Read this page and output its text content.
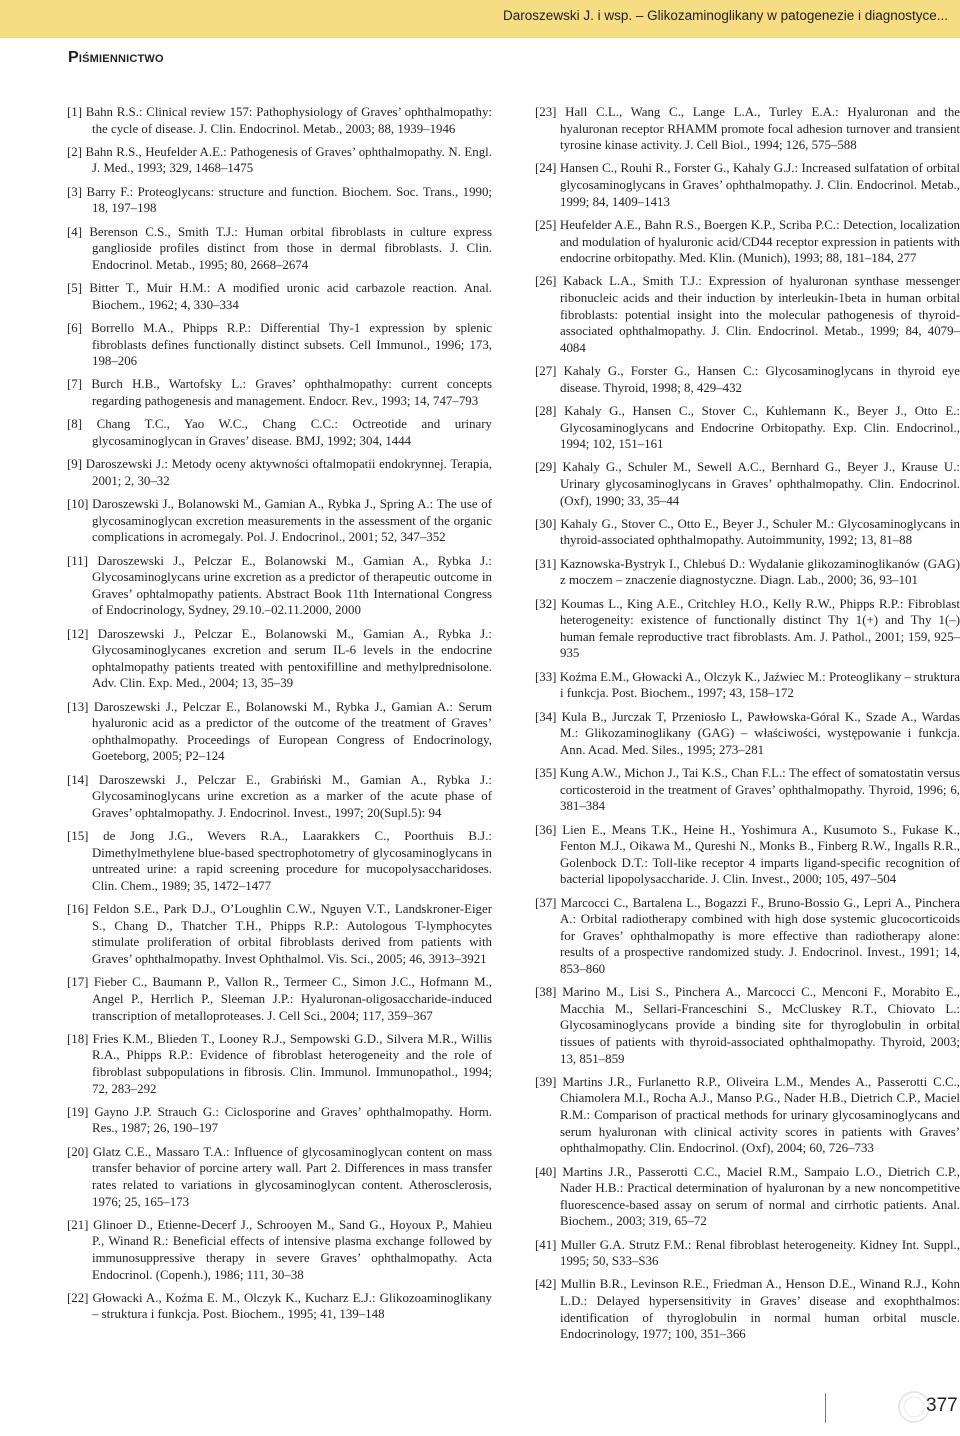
Daroszewski J. i wsp. – Glikozaminoglikany w patogenezie i diagnostyce...
Piśmiennictwo

[1] Bahn R.S.: Clinical review 157: Pathophysiology of Graves’ ophthalmopathy: the cycle of disease. J. Clin. Endocrinol. Metab., 2003; 88, 1939–1946

[2] Bahn R.S., Heufelder A.E.: Pathogenesis of Graves’ ophthalmopathy. N. Engl. J. Med., 1993; 329, 1468–1475

[3] Barry F.: Proteoglycans: structure and function. Biochem. Soc. Trans., 1990; 18, 197–198

[4] Berenson C.S., Smith T.J.: Human orbital fibroblasts in culture express ganglioside profiles distinct from those in dermal fibroblasts. J. Clin. Endocrinol. Metab., 1995; 80, 2668–2674

[5] Bitter T., Muir H.M.: A modified uronic acid carbazole reaction. Anal. Biochem., 1962; 4, 330–334

[6] Borrello M.A., Phipps R.P.: Differential Thy-1 expression by splenic fibroblasts defines functionally distinct subsets. Cell Immunol., 1996; 173, 198–206

[7] Burch H.B., Wartofsky L.: Graves’ ophthalmopathy: current concepts regarding pathogenesis and management. Endocr. Rev., 1993; 14, 747–793

[8] Chang T.C., Yao W.C., Chang C.C.: Octreotide and urinary glycosaminoglycan in Graves’ disease. BMJ, 1992; 304, 1444

[9] Daroszewski J.: Metody oceny aktywności oftalmopatii endokrynnej. Terapia, 2001; 2, 30–32

[10] Daroszewski J., Bolanowski M., Gamian A., Rybka J., Spring A.: The use of glycosaminoglycan excretion measurements in the assessment of the organic complications in acromegaly. Pol. J. Endocrinol., 2001; 52, 347–352

[11] Daroszewski J., Pelczar E., Bolanowski M., Gamian A., Rybka J.: Glycosaminoglycans urine excretion as a predictor of therapeutic outcome in Graves’ ophtalmopathy patients. Abstract Book 11th International Congress of Endocrinology, Sydney, 29.10.–02.11.2000, 2000

[12] Daroszewski J., Pelczar E., Bolanowski M., Gamian A., Rybka J.: Glycosaminoglycanes excretion and serum IL-6 levels in the endocrine ophtalmopathy patients treated with pentoxifilline and methylprednisolone. Adv. Clin. Exp. Med., 2004; 13, 35–39

[13] Daroszewski J., Pelczar E., Bolanowski M., Rybka J., Gamian A.: Serum hyaluronic acid as a predictor of the outcome of the treatment of Graves’ ophthalmopathy. Proceedings of European Congress of Endocrinology, Goeteborg, 2005; P2–124

[14] Daroszewski J., Pelczar E., Grabiński M., Gamian A., Rybka J.: Glycosaminoglycans urine excretion as a marker of the acute phase of Graves’ ophtalmopathy. J. Endocrinol. Invest., 1997; 20(Supl.5): 94

[15] de Jong J.G., Wevers R.A., Laarakkers C., Poorthuis B.J.: Dimethylmethylene blue-based spectrophotometry of glycosaminoglycans in untreated urine: a rapid screening procedure for mucopolysaccharidoses. Clin. Chem., 1989; 35, 1472–1477

[16] Feldon S.E., Park D.J., O’Loughlin C.W., Nguyen V.T., Landskroner-Eiger S., Chang D., Thatcher T.H., Phipps R.P.: Autologous T-lymphocytes stimulate proliferation of orbital fibroblasts derived from patients with Graves’ ophthalmopathy. Invest Ophthalmol. Vis. Sci., 2005; 46, 3913–3921

[17] Fieber C., Baumann P., Vallon R., Termeer C., Simon J.C., Hofmann M., Angel P., Herrlich P., Sleeman J.P.: Hyaluronan-oligosaccharide-induced transcription of metalloproteases. J. Cell Sci., 2004; 117, 359–367

[18] Fries K.M., Blieden T., Looney R.J., Sempowski G.D., Silvera M.R., Willis R.A., Phipps R.P.: Evidence of fibroblast heterogeneity and the role of fibroblast subpopulations in fibrosis. Clin. Immunol. Immunopathol., 1994; 72, 283–292

[19] Gayno J.P. Strauch G.: Ciclosporine and Graves’ ophthalmopathy. Horm. Res., 1987; 26, 190–197

[20] Glatz C.E., Massaro T.A.: Influence of glycosaminoglycan content on mass transfer behavior of porcine artery wall. Part 2. Differences in mass transfer rates related to variations in glycosaminoglycan content. Atherosclerosis, 1976; 25, 165–173

[21] Glinoer D., Etienne-Decerf J., Schrooyen M., Sand G., Hoyoux P., Mahieu P., Winand R.: Beneficial effects of intensive plasma exchange followed by immunosuppressive therapy in severe Graves’ ophthalmopathy. Acta Endocrinol. (Copenh.), 1986; 111, 30–38

[22] Głowacki A., Koźma E. M., Olczyk K., Kucharz E.J.: Glikozoaminoglikany – struktura i funkcja. Post. Biochem., 1995; 41, 139–148

[23] Hall C.L., Wang C., Lange L.A., Turley E.A.: Hyaluronan and the hyaluronan receptor RHAMM promote focal adhesion turnover and transient tyrosine kinase activity. J. Cell Biol., 1994; 126, 575–588

[24] Hansen C., Rouhi R., Forster G., Kahaly G.J.: Increased sulfatation of orbital glycosaminoglycans in Graves’ ophthalmopathy. J. Clin. Endocrinol. Metab., 1999; 84, 1409–1413

[25] Heufelder A.E., Bahn R.S., Boergen K.P., Scriba P.C.: Detection, localization and modulation of hyaluronic acid/CD44 receptor expression in patients with endocrine orbitopathy. Med. Klin. (Munich), 1993; 88, 181–184, 277

[26] Kaback L.A., Smith T.J.: Expression of hyaluronan synthase messenger ribonucleic acids and their induction by interleukin-1beta in human orbital fibroblasts: potential insight into the molecular pathogenesis of thyroid-associated ophthalmopathy. J. Clin. Endocrinol. Metab., 1999; 84, 4079–4084

[27] Kahaly G., Forster G., Hansen C.: Glycosaminoglycans in thyroid eye disease. Thyroid, 1998; 8, 429–432

[28] Kahaly G., Hansen C., Stover C., Kuhlemann K., Beyer J., Otto E.: Glycosaminoglycans and Endocrine Orbitopathy. Exp. Clin. Endocrinol., 1994; 102, 151–161

[29] Kahaly G., Schuler M., Sewell A.C., Bernhard G., Beyer J., Krause U.: Urinary glycosaminoglycans in Graves’ ophthalmopathy. Clin. Endocrinol. (Oxf), 1990; 33, 35–44

[30] Kahaly G., Stover C., Otto E., Beyer J., Schuler M.: Glycosaminoglycans in thyroid-associated ophthalmopathy. Autoimmunity, 1992; 13, 81–88

[31] Kaznowska-Bystryk I., Chlebuś D.: Wydalanie glikozaminoglikanów (GAG) z moczem – znaczenie diagnostyczne. Diagn. Lab., 2000; 36, 93–101

[32] Koumas L., King A.E., Critchley H.O., Kelly R.W., Phipps R.P.: Fibroblast heterogeneity: existence of functionally distinct Thy 1(+) and Thy 1(–) human female reproductive tract fibroblasts. Am. J. Pathol., 2001; 159, 925–935

[33] Koźma E.M., Głowacki A., Olczyk K., Jaźwiec M.: Proteoglikany – struktura i funkcja. Post. Biochem., 1997; 43, 158–172

[34] Kula B., Jurczak T, Przeniosło L, Pawłowska-Góral K., Szade A., Wardas M.: Glikozaminoglikany (GAG) – właściwości, występowanie i funkcja. Ann. Acad. Med. Siles., 1995; 273–281

[35] Kung A.W., Michon J., Tai K.S., Chan F.L.: The effect of somatostatin versus corticosteroid in the treatment of Graves’ ophthalmopathy. Thyroid, 1996; 6, 381–384

[36] Lien E., Means T.K., Heine H., Yoshimura A., Kusumoto S., Fukase K., Fenton M.J., Oikawa M., Qureshi N., Monks B., Finberg R.W., Ingalls R.R., Golenbock D.T.: Toll-like receptor 4 imparts ligand-specific recognition of bacterial lipopolysaccharide. J. Clin. Invest., 2000; 105, 497–504

[37] Marcocci C., Bartalena L., Bogazzi F., Bruno-Bossio G., Lepri A., Pinchera A.: Orbital radiotherapy combined with high dose systemic glucocorticoids for Graves’ ophthalmopathy is more effective than radiotherapy alone: results of a prospective randomized study. J. Endocrinol. Invest., 1991; 14, 853–860

[38] Marino M., Lisi S., Pinchera A., Marcocci C., Menconi F., Morabito E., Macchia M., Sellari-Franceschini S., McCluskey R.T., Chiovato L.: Glycosaminoglycans provide a binding site for thyroglobulin in orbital tissues of patients with thyroid-associated ophthalmopathy. Thyroid, 2003; 13, 851–859

[39] Martins J.R., Furlanetto R.P., Oliveira L.M., Mendes A., Passerotti C.C., Chiamolera M.I., Rocha A.J., Manso P.G., Nader H.B., Dietrich C.P., Maciel R.M.: Comparison of practical methods for urinary glycosaminoglycans and serum hyaluronan with clinical activity scores in patients with Graves’ ophthalmopathy. Clin. Endocrinol. (Oxf), 2004; 60, 726–733

[40] Martins J.R., Passerotti C.C., Maciel R.M., Sampaio L.O., Dietrich C.P., Nader H.B.: Practical determination of hyaluronan by a new noncompetitive fluorescence-based assay on serum of normal and cirrhotic patients. Anal. Biochem., 2003; 319, 65–72

[41] Muller G.A. Strutz F.M.: Renal fibroblast heterogeneity. Kidney Int. Suppl., 1995; 50, S33–S36

[42] Mullin B.R., Levinson R.E., Friedman A., Henson D.E., Winand R.J., Kohn L.D.: Delayed hypersensitivity in Graves’ disease and exophthalmos: identification of thyroglobulin in normal human orbital muscle. Endocrinology, 1977; 100, 351–366

377
